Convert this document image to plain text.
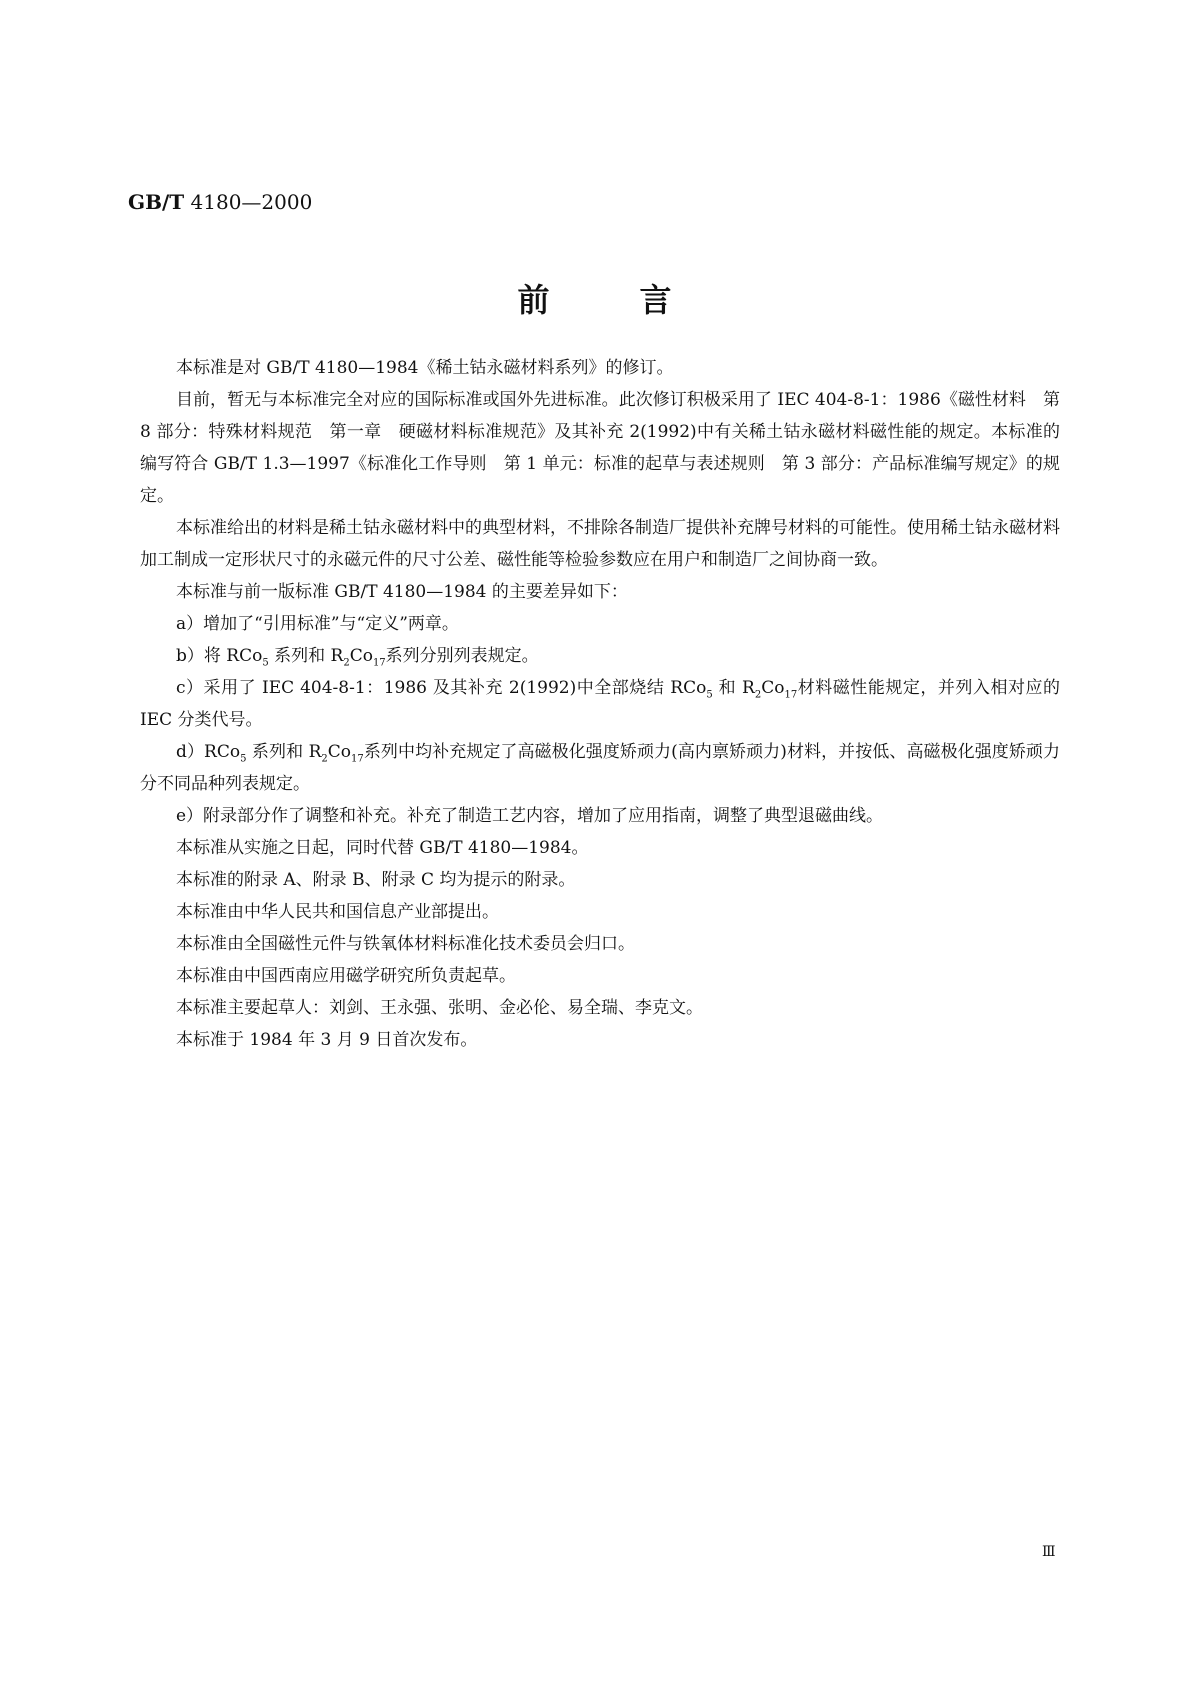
GB/T 4180—2000
前	言

本标准是对 GB/T 4180—1984《稀土钴永磁材料系列》的修订。

目前，暂无与本标准完全对应的国际标准或国外先进标准。此次修订积极采用了 IEC 404-8-1：1986《磁性材料　第 8 部分：特殊材料规范　第一章　硬磁材料标准规范》及其补充 2(1992)中有关稀土钴永磁材料磁性能的规定。本标准的编写符合 GB/T 1.3—1997《标准化工作导则　第 1 单元：标准的起草与表述规则　第 3 部分：产品标准编写规定》的规定。

本标准给出的材料是稀土钴永磁材料中的典型材料，不排除各制造厂提供补充牌号材料的可能性。使用稀土钴永磁材料加工制成一定形状尺寸的永磁元件的尺寸公差、磁性能等检验参数应在用户和制造厂之间协商一致。

本标准与前一版标准 GB/T 4180—1984 的主要差异如下：

a）增加了“引用标准”与“定义”两章。

b）将 RCo$_5$ 系列和 $R_2Co_{17}$系列分别列表规定。

c）采用了 IEC 404-8-1：1986 及其补充 2(1992)中全部烧结 RCo$_5$ 和 $R_2Co_{17}$材料磁性能规定，并列入相对应的 IEC 分类代号。

d）RCo$_5$ 系列和 $R_2Co_{17}$系列中均补充规定了高磁极化强度矫顽力(高内禀矫顽力)材料，并按低、高磁极化强度矫顽力分不同品种列表规定。

e）附录部分作了调整和补充。补充了制造工艺内容，增加了应用指南，调整了典型退磁曲线。

本标准从实施之日起，同时代替 GB/T 4180—1984。

本标准的附录 A、附录 B、附录 C 均为提示的附录。

本标准由中华人民共和国信息产业部提出。

本标准由全国磁性元件与铁氧体材料标准化技术委员会归口。

本标准由中国西南应用磁学研究所负责起草。

本标准主要起草人：刘剑、王永强、张明、金必伦、易全瑞、李克文。

本标准于 1984 年 3 月 9 日首次发布。

Ⅲ
